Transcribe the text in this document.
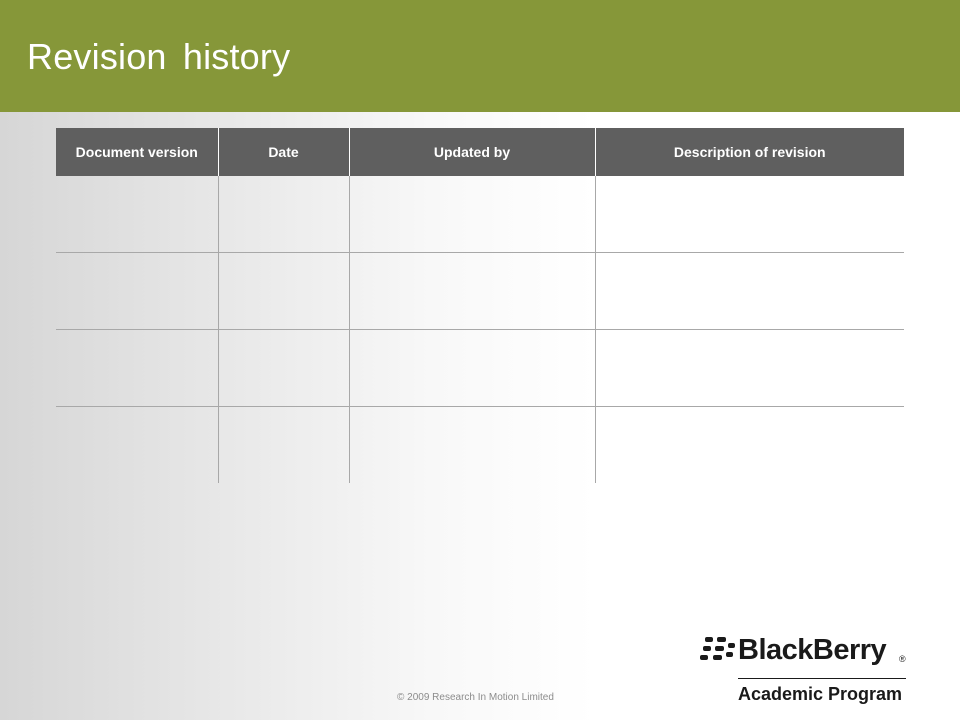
Revision history
Document version	Date	Updated by	Description of revision

© 2009 Research In Motion Limited
BlackBerry ®
Academic Program
